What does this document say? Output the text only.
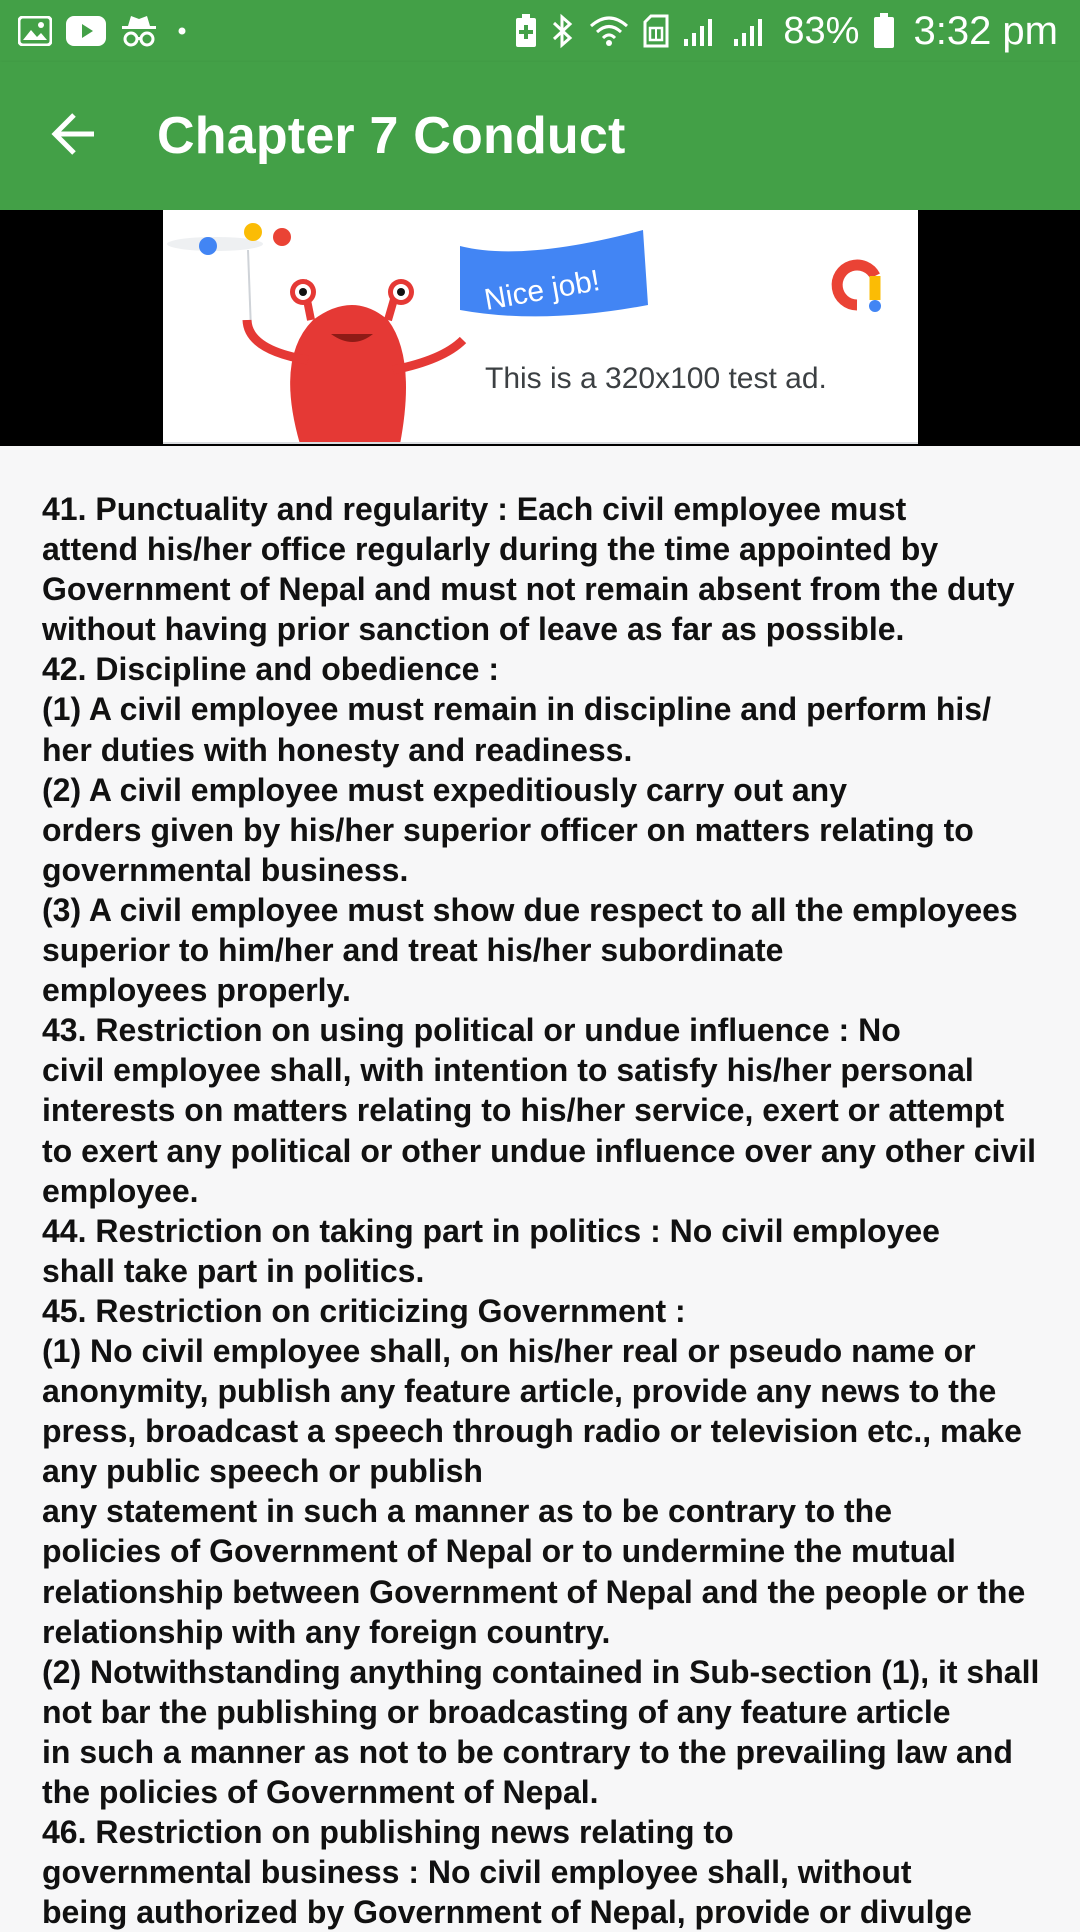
83% 3:32 pm
Chapter 7 Conduct
Nice job!
This is a 320x100 test ad.
41. Punctuality and regularity : Each civil employee must
attend his/her office regularly during the time appointed by
Government of Nepal and must not remain absent from the duty
without having prior sanction of leave as far as possible.
42. Discipline and obedience :
(1) A civil employee must remain in discipline and perform his/
her duties with honesty and readiness.
(2) A civil employee must expeditiously carry out any
orders given by his/her superior officer on matters relating to
governmental business.
(3) A civil employee must show due respect to all the employees
superior to him/her and treat his/her subordinate
employees properly.
43. Restriction on using political or undue influence : No
civil employee shall, with intention to satisfy his/her personal
interests on matters relating to his/her service, exert or attempt
to exert any political or other undue influence over any other civil
employee.
44. Restriction on taking part in politics : No civil employee
shall take part in politics.
45. Restriction on criticizing Government :
(1) No civil employee shall, on his/her real or pseudo name or
anonymity, publish any feature article, provide any news to the
press, broadcast a speech through radio or television etc., make
any public speech or publish
any statement in such a manner as to be contrary to the
policies of Government of Nepal or to undermine the mutual
relationship between Government of Nepal and the people or the
relationship with any foreign country.
(2) Notwithstanding anything contained in Sub-section (1), it shall
not bar the publishing or broadcasting of any feature article
in such a manner as not to be contrary to the prevailing law and
the policies of Government of Nepal.
46. Restriction on publishing news relating to
governmental business : No civil employee shall, without
being authorized by Government of Nepal, provide or divulge
